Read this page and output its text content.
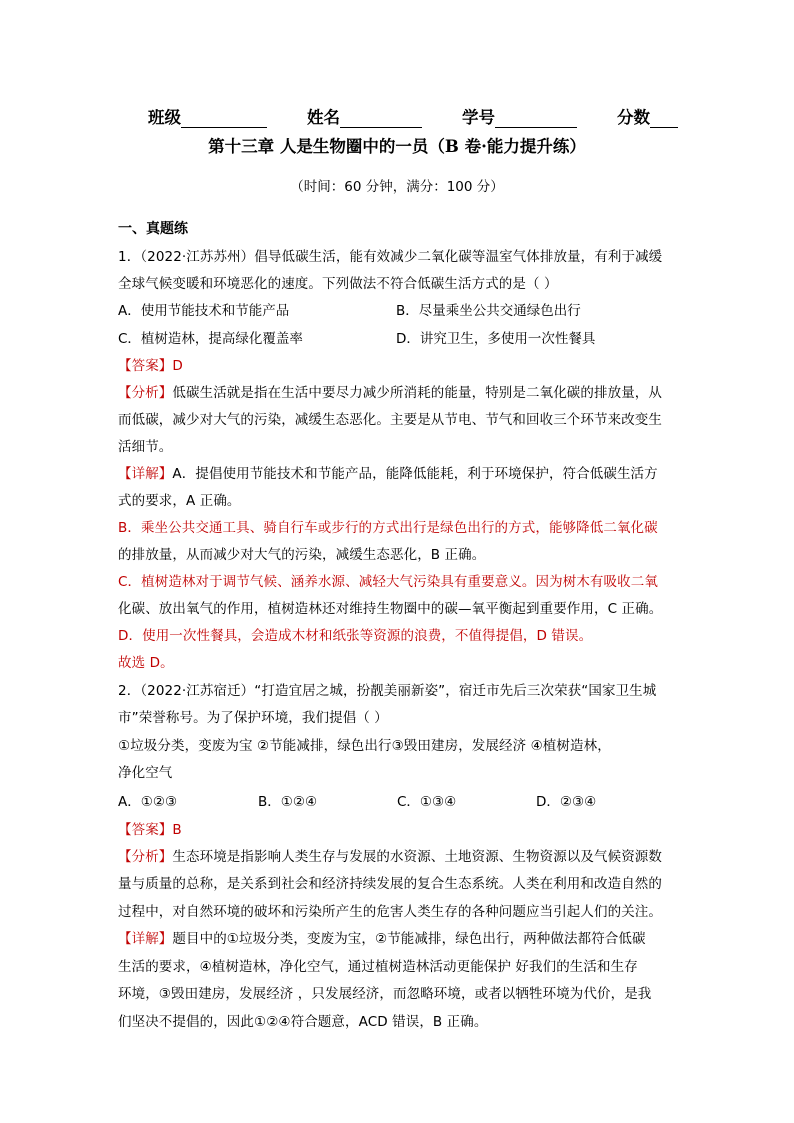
班级	姓名	学号	分数
第十三章 人是生物圈中的一员（B 卷·能力提升练）
（时间：60 分钟，满分：100 分）
一、真题练
1．（2022·江苏苏州）倡导低碳生活，能有效减少二氧化碳等温室气体排放量，有利于减缓
全球气候变暖和环境恶化的速度。下列做法不符合低碳生活方式的是（ ）
A．使用节能技术和节能产品	B．尽量乘坐公共交通绿色出行
C．植树造林，提高绿化覆盖率	D．讲究卫生，多使用一次性餐具
【答案】D
【分析】低碳生活就是指在生活中要尽力减少所消耗的能量，特别是二氧化碳的排放量，从
而低碳，减少对大气的污染，减缓生态恶化。主要是从节电、节气和回收三个环节来改变生
活细节。
【详解】A．提倡使用节能技术和节能产品，能降低能耗，利于环境保护，符合低碳生活方
式的要求，A 正确。
B．乘坐公共交通工具、骑自行车或步行的方式出行是绿色出行的方式，能够降低二氧化碳
的排放量，从而减少对大气的污染，减缓生态恶化，B 正确。
C．植树造林对于调节气候、涵养水源、减轻大气污染具有重要意义。因为树木有吸收二氧
化碳、放出氧气的作用，植树造林还对维持生物圈中的碳—氧平衡起到重要作用，C 正确。
D．使用一次性餐具，会造成木材和纸张等资源的浪费，不值得提倡，D 错误。
故选 D。
2．（2022·江苏宿迁）“打造宜居之城，扮靓美丽新姿”，宿迁市先后三次荣获“国家卫生城
市”荣誉称号。为了保护环境，我们提倡（ ）
①垃圾分类，变废为宝 ②节能减排，绿色出行③毁田建房，发展经济 ④植树造林，
净化空气
A．①②③	B．①②④	C．①③④	D．②③④
【答案】B
【分析】生态环境是指影响人类生存与发展的水资源、土地资源、生物资源以及气候资源数
量与质量的总称，是关系到社会和经济持续发展的复合生态系统。人类在利用和改造自然的
过程中，对自然环境的破坏和污染所产生的危害人类生存的各种问题应当引起人们的关注。
【详解】题目中的①垃圾分类，变废为宝，②节能减排，绿色出行，两种做法都符合低碳
生活的要求，④植树造林，净化空气，通过植树造林活动更能保护 好我们的生活和生存
环境，③毁田建房，发展经济 ，只发展经济，而忽略环境，或者以牺牲环境为代价，是我
们坚决不提倡的，因此①②④符合题意，ACD 错误，B 正确。
